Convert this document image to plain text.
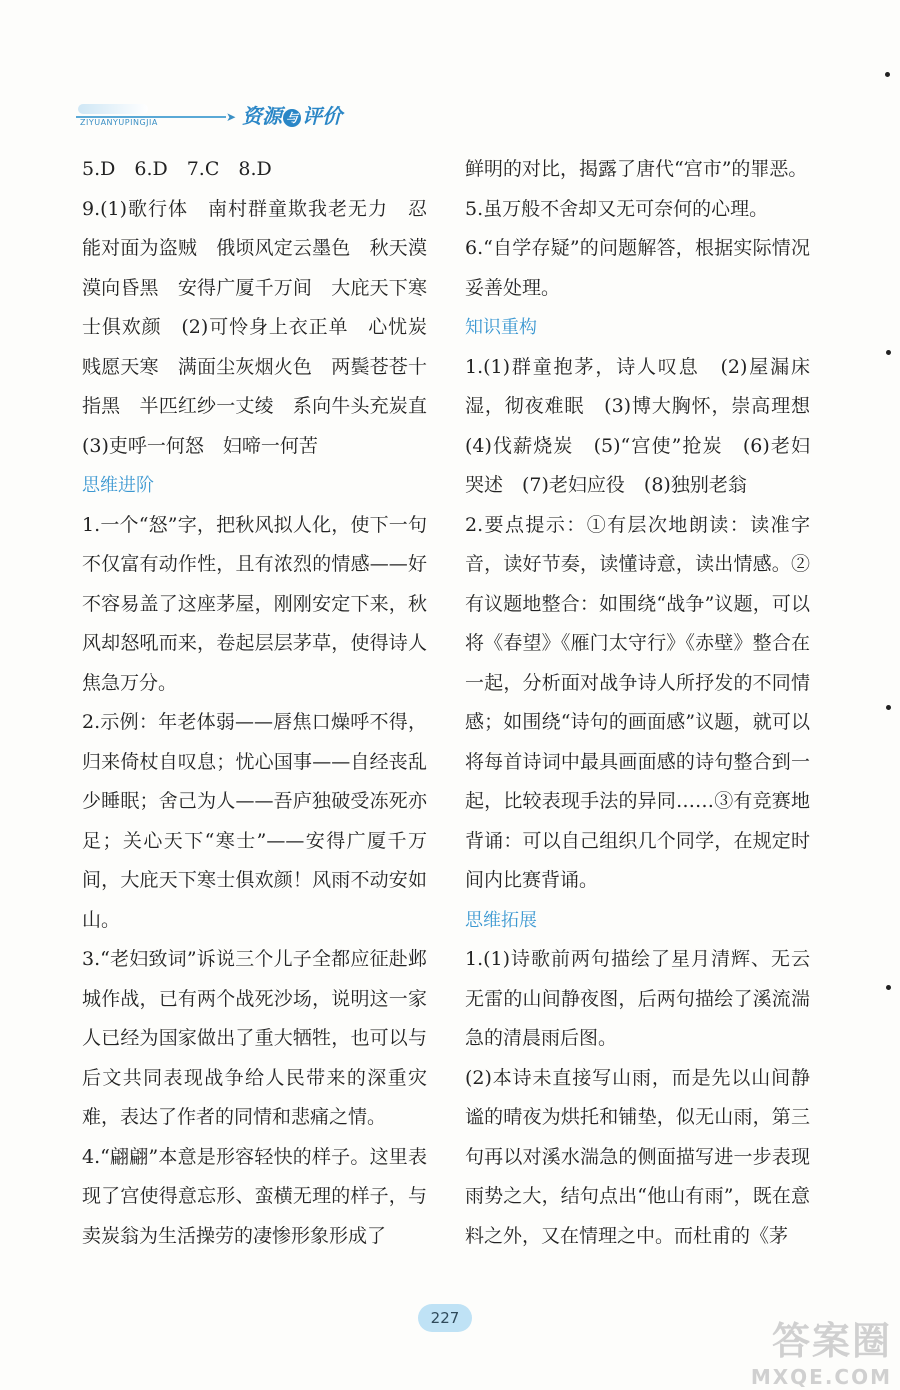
ZIYUANYUPINGJIA	➤ 资源 与 评价

5.D　6.D　7.C　8.D

9.(1)歌行体　南村群童欺我老无力　忍能对面为盗贼　俄顷风定云墨色　秋天漠漠向昏黑　安得广厦千万间　大庇天下寒士俱欢颜　(2)可怜身上衣正单　心忧炭贱愿天寒　满面尘灰烟火色　两鬓苍苍十指黑　半匹红纱一丈绫　系向牛头充炭直　(3)吏呼一何怒　妇啼一何苦

思维进阶

1.一个“怒”字，把秋风拟人化，使下一句不仅富有动作性，且有浓烈的情感——好不容易盖了这座茅屋，刚刚安定下来，秋风却怒吼而来，卷起层层茅草，使得诗人焦急万分。

2.示例：年老体弱——唇焦口燥呼不得，归来倚杖自叹息；忧心国事——自经丧乱少睡眠；舍己为人——吾庐独破受冻死亦足；关心天下“寒士”——安得广厦千万间，大庇天下寒士俱欢颜！风雨不动安如山。

3.“老妇致词”诉说三个儿子全都应征赴邺城作战，已有两个战死沙场，说明这一家人已经为国家做出了重大牺牲，也可以与后文共同表现战争给人民带来的深重灾难，表达了作者的同情和悲痛之情。

4.“翩翩”本意是形容轻快的样子。这里表现了宫使得意忘形、蛮横无理的样子，与卖炭翁为生活操劳的凄惨形象形成了

鲜明的对比，揭露了唐代“宫市”的罪恶。

5.虽万般不舍却又无可奈何的心理。

6.“自学存疑”的问题解答，根据实际情况妥善处理。

知识重构

1.(1)群童抱茅，诗人叹息　(2)屋漏床湿，彻夜难眠　(3)博大胸怀，崇高理想　(4)伐薪烧炭　(5)“宫使”抢炭　(6)老妇哭述　(7)老妇应役　(8)独别老翁

2.要点提示：①有层次地朗读：读准字音，读好节奏，读懂诗意，读出情感。②有议题地整合：如围绕“战争”议题，可以将《春望》《雁门太守行》《赤壁》整合在一起，分析面对战争诗人所抒发的不同情感；如围绕“诗句的画面感”议题，就可以将每首诗词中最具画面感的诗句整合到一起，比较表现手法的异同……③有竞赛地背诵：可以自己组织几个同学，在规定时间内比赛背诵。

思维拓展

1.(1)诗歌前两句描绘了星月清辉、无云无雷的山间静夜图，后两句描绘了溪流湍急的清晨雨后图。

(2)本诗未直接写山雨，而是先以山间静谧的晴夜为烘托和铺垫，似无山雨，第三句再以对溪水湍急的侧面描写进一步表现雨势之大，结句点出“他山有雨”，既在意料之外，又在情理之中。而杜甫的《茅

227
答案圈
MXQE.COM
